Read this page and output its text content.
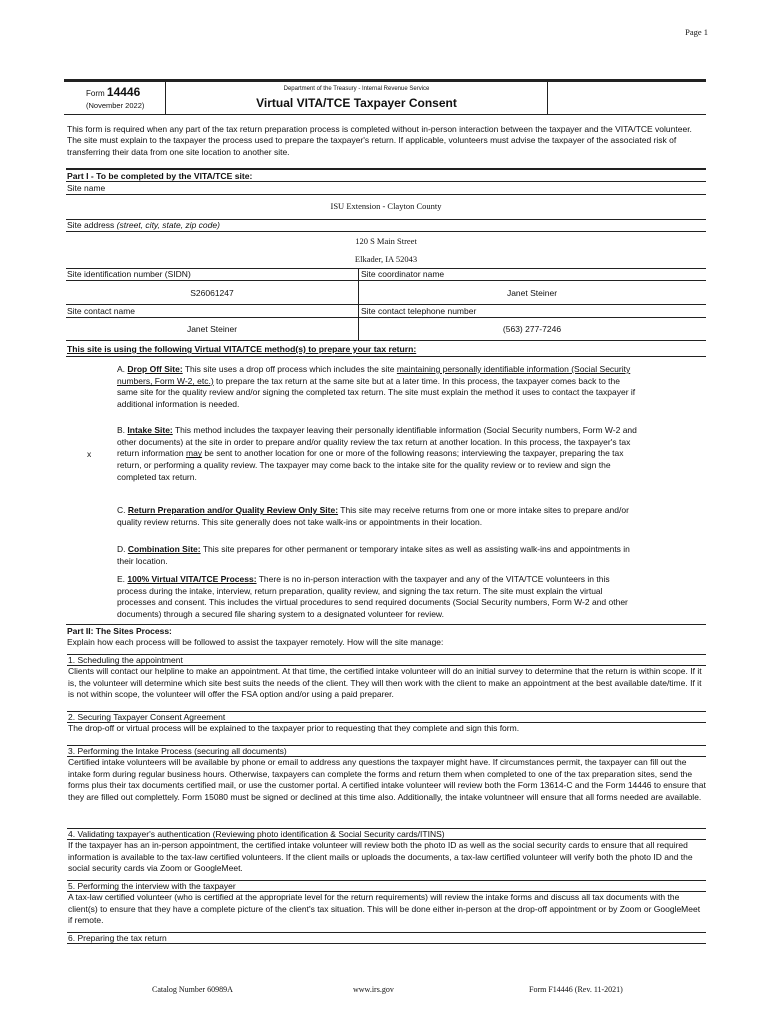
Page 1
Form 14446
(November 2022)
Department of the Treasury - Internal Revenue Service
Virtual VITA/TCE Taxpayer Consent
This form is required when any part of the tax return preparation process is completed without in-person interaction between the taxpayer and the VITA/TCE volunteer. The site must explain to the taxpayer the process used to prepare the taxpayer's return. If applicable, volunteers must advise the taxpayer of the associated risk of transferring their data from one site location to another site.
Part I - To be completed by the VITA/TCE site:
Site name
ISU Extension - Clayton County
Site address (street, city, state, zip code)
120 S Main Street
Elkader, IA 52043
Site identification number (SIDN)	Site coordinator name
S26061247	Janet Steiner
Site contact name	Site contact telephone number
Janet Steiner	(563) 277-7246
This site is using the following Virtual VITA/TCE method(s) to prepare your tax return:
A. Drop Off Site: This site uses a drop off process which includes the site maintaining personally identifiable information (Social Security numbers, Form W-2, etc.) to prepare the tax return at the same site but at a later time. In this process, the taxpayer comes back to the same site for the quality review and/or signing the completed tax return. The site must explain the method it uses to contact the taxpayer if additional information is needed.
x
B. Intake Site: This method includes the taxpayer leaving their personally identifiable information (Social Security numbers, Form W-2 and other documents) at the site in order to prepare and/or quality review the tax return at another location. In this process, the taxpayer's tax return information may be sent to another location for one or more of the following reasons; interviewing the taxpayer, preparing the tax return, or performing a quality review. The taxpayer may come back to the intake site for the quality review or to review and sign the completed tax return.
C. Return Preparation and/or Quality Review Only Site: This site may receive returns from one or more intake sites to prepare and/or quality review returns. This site generally does not take walk-ins or appointments in their location.
D. Combination Site: This site prepares for other permanent or temporary intake sites as well as assisting walk-ins and appointments in their location.
E. 100% Virtual VITA/TCE Process: There is no in-person interaction with the taxpayer and any of the VITA/TCE volunteers in this process during the intake, interview, return preparation, quality review, and signing the tax return. The site must explain the virtual processes and consent. This includes the virtual procedures to send required documents (Social Security numbers, Form W-2 and other documents) through a secured file sharing system to a designated volunteer for review.
Part II: The Sites Process:
Explain how each process will be followed to assist the taxpayer remotely. How will the site manage:
1. Scheduling the appointment
Clients will contact our helpline to make an appointment. At that time, the certified intake volunteer will do an initial survey to determine that the return is within scope. If it is, the volunteer will determine which site best suits the needs of the client. They will then work with the client to make an appointment at the best available date/time. If it is not within scope, the volunteer will offer the FSA option and/or using a paid preparer.
2. Securing Taxpayer Consent Agreement
The drop-off or virtual process will be explained to the taxpayer prior to requesting that they complete and sign this form.
3. Performing the Intake Process (securing all documents)
Certified intake volunteers will be available by phone or email to address any questions the taxpayer might have. If circumstances permit, the taxpayer can fill out the intake form during regular business hours. Otherwise, taxpayers can complete the forms and return them when completed to one of the tax preparation sites, send the forms plus their tax documents certified mail, or use the customer portal. A certified intake volunteer will review both the Form 13614-C and the Form 14446 to ensure that they are filled out complettely. Form 15080 must be signed or declined at this time also. Additionally, the intake voluntneer will ensure that all forms needed are available.
4. Validating taxpayer's authentication (Reviewing photo identification & Social Security cards/ITINS)
If the taxpayer has an in-person appointment, the certified intake volunteer will review both the photo ID as well as the social security cards to ensure that all required information is available to the tax-law certified volunteers. If the client mails or uploads the documents, a tax-law certified volunteer will verify both the photo ID and the social security cards via Zoom or GoogleMeet.
5. Performing the interview with the taxpayer
A tax-law certified volunteer (who is certified at the appropriate level for the return requirements) will review the intake forms and discuss all tax documents with the client(s) to ensure that they have a complete picture of the client's tax situation. This will be done either in-person at the drop-off appointment or by Zoom or GoogleMeet if remote.
6. Preparing the tax return
Catalog Number 60989A	www.irs.gov	Form F14446 (Rev. 11-2021)
